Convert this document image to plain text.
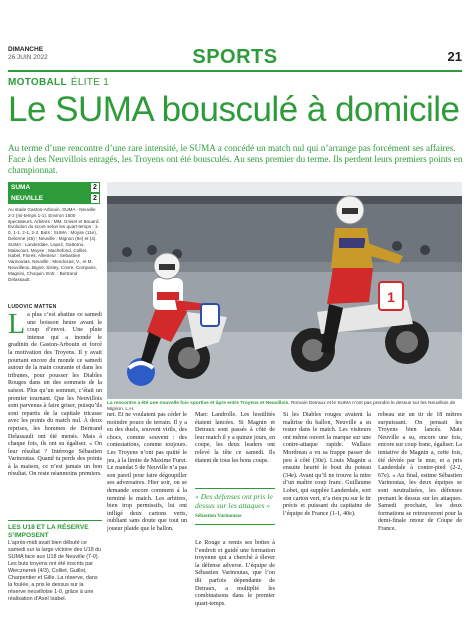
DIMANCHE
26 JUIN 2022	SPORTS	21
MOTOBALL ÉLITE 1
Le SUMA bousculé à domicile

Au terme d’une rencontre d’une rare intensité, le SUMA a concédé un match nul qui n’arrange pas forcément ses affaires. Face à des Neuvillois enragés, les Troyens ont été bousculés. Au sens premier du terme. Ils perdent leurs premiers points en championnat.

SUMA	2
NEUVILLE	2

Au stade Gaston-Arbouin. SUMA - Neuville 2-2 (mi-temps 1-1). Environ 1500 spectateurs. Arbitres : MM. Gniset et Bouard. Évolution du score selon les quart-temps : 1-0, 1-1, 2-1, 2-2. Buts : SUMA : Moyse (11e), Delorme (45) ; Neuville : Mignon (9e) et (4). SUMA : Landerdale, Lopez, Gattorno, Malacourt, Moyse ; Machefond, Colliet, Isabel, Flores. Allenteur : Sebastien Varinoutas. Neuville : Mendozas, V., et M. Neuvilleou, Bigné, Sisley, Conre, Compans, Magnini, Choquin. Entr. : Bertrand Delassault.

1

La rencontre a été une nouvelle fois sportive et âpre entre Troyens et Neuvillois. Romain Detraux et le SUMA n’ont pas prendre le dessus sur les Neuvillois de Mignon. L.H.

LUDOVIC MATTEN
La plus c’est abattue ce samedi une boisson heure avant le coup d’envoi. Une pluie intense qui a inondé le gradinin de Gaston-Arbouin et forcé la motivation des Troyens. Il y avait pourtant encore du monde ce samedi autour de la main courante et dans les tribunes, pour pousser les Diables Rouges dans un des sommets de la saison. Plus qu’un sommet, c’était un premier tournant. Que les Neuvillois sont parvenus à faire griser, puisqu’ils sont repartis de la capitale tricasse avec les points du match nul. À deux reprises, les hommes de Bertrand Delassault ont été menés. Mais à chaque fois, ils ont su égaliser. « On leur résultat ? Intérroge Sébastien Varinoutas. Quand tu perds des points à la maison, ce n’est jamais un bon résultat. On reste néanmoins premiers.
LES U18 ET LA RÉSERVE S’IMPOSENT

L’après-midi avait bien débuté ce samedi sur la large victoire des U18 du SUMA face aux U18 de Neuville (7-0). Les buts troyens ont été inscrits par Wiecznerek (4/3), Colliet, Guillot, Charpentier et Gille. La réserve, dans la foulée, a pris le dessus sur la réserve neuvilloise 1-0, grâce à une réalisation d’Axel Isabel.

net. Et ne voulaient pas céder le moindre pouce de terrain. Il y a eu des duels, souvent virils, des chocs, comme souvent : des contestations, comme toujours. Les Troyens n’ont pas quitté le jeu, à la limite de Maxime Furet. Le mandat 5 de Neuville n’a pas son pareil pour faire dégoupiller ses adversaires. Hier soir, on se demande encore comment à la terminé le match. Les arbitres, bien trop permissifs, lui ont infligé deux cartons verts, oubliant sans doute que tout un joueur plaide que le ballon.

Marc Landrolle. Les hostilités étaient lancées. Si Magnin et Detraux sont passés à côté de leur match il y a quinze jours, en coupe, les deux leaders ont relevé la tête ce samedi. Ils étaient de tous les bons coups.

« Des défenses ont pris le dessus sur les attaques »
Sébastien Varinoutas

Le Rouge a remis ses bottes à l’endroit et guidé une formation troyenne qui a cherché à élever la défense adverse. L’équipe de Sébastien Varinoutas, que l’on dit parfois dépendante de Detraux, a multiplié les combinaisons dans le premier quart-temps.

Si les Diables rouges avaient la maîtrise du ballon, Neuville a su rester dans le match. Les visiteurs ont même ouvert la marque sur une contre-attaque rapide. Wallace Mordreau a vu sa frappe passer de peu à côté (30e). Louis Magnin a ensuite heurté le bout du poteau (34e). Avant qu’il ne trouve la mire d’un maître coup franc. Guillaume Lobet, qui supplée Landerdale, sort son carton vert, n’a rien pu sur le tir précis et puissant du capitaine de l’équipe de France (1-1, 40e).

rebeau sur un tir de 18 mètres surpuissant. On pensait les Troyens bien lancés. Mais Neuville a su, encore une fois, encore sur coup franc, égaliser. La tentative de Magnin a, cette fois, été déviée par le mur, et a pris Landerdale à contre-pied (2-2, 67e). « Au final, estime Sébastien Varinoutas, les deux équipes se sont neutralisées, les défenses prenant le dessus sur les attaques. Samedi prochain, les deux formations se retrouveront pour la demi-finale retour de Coupe de France.
